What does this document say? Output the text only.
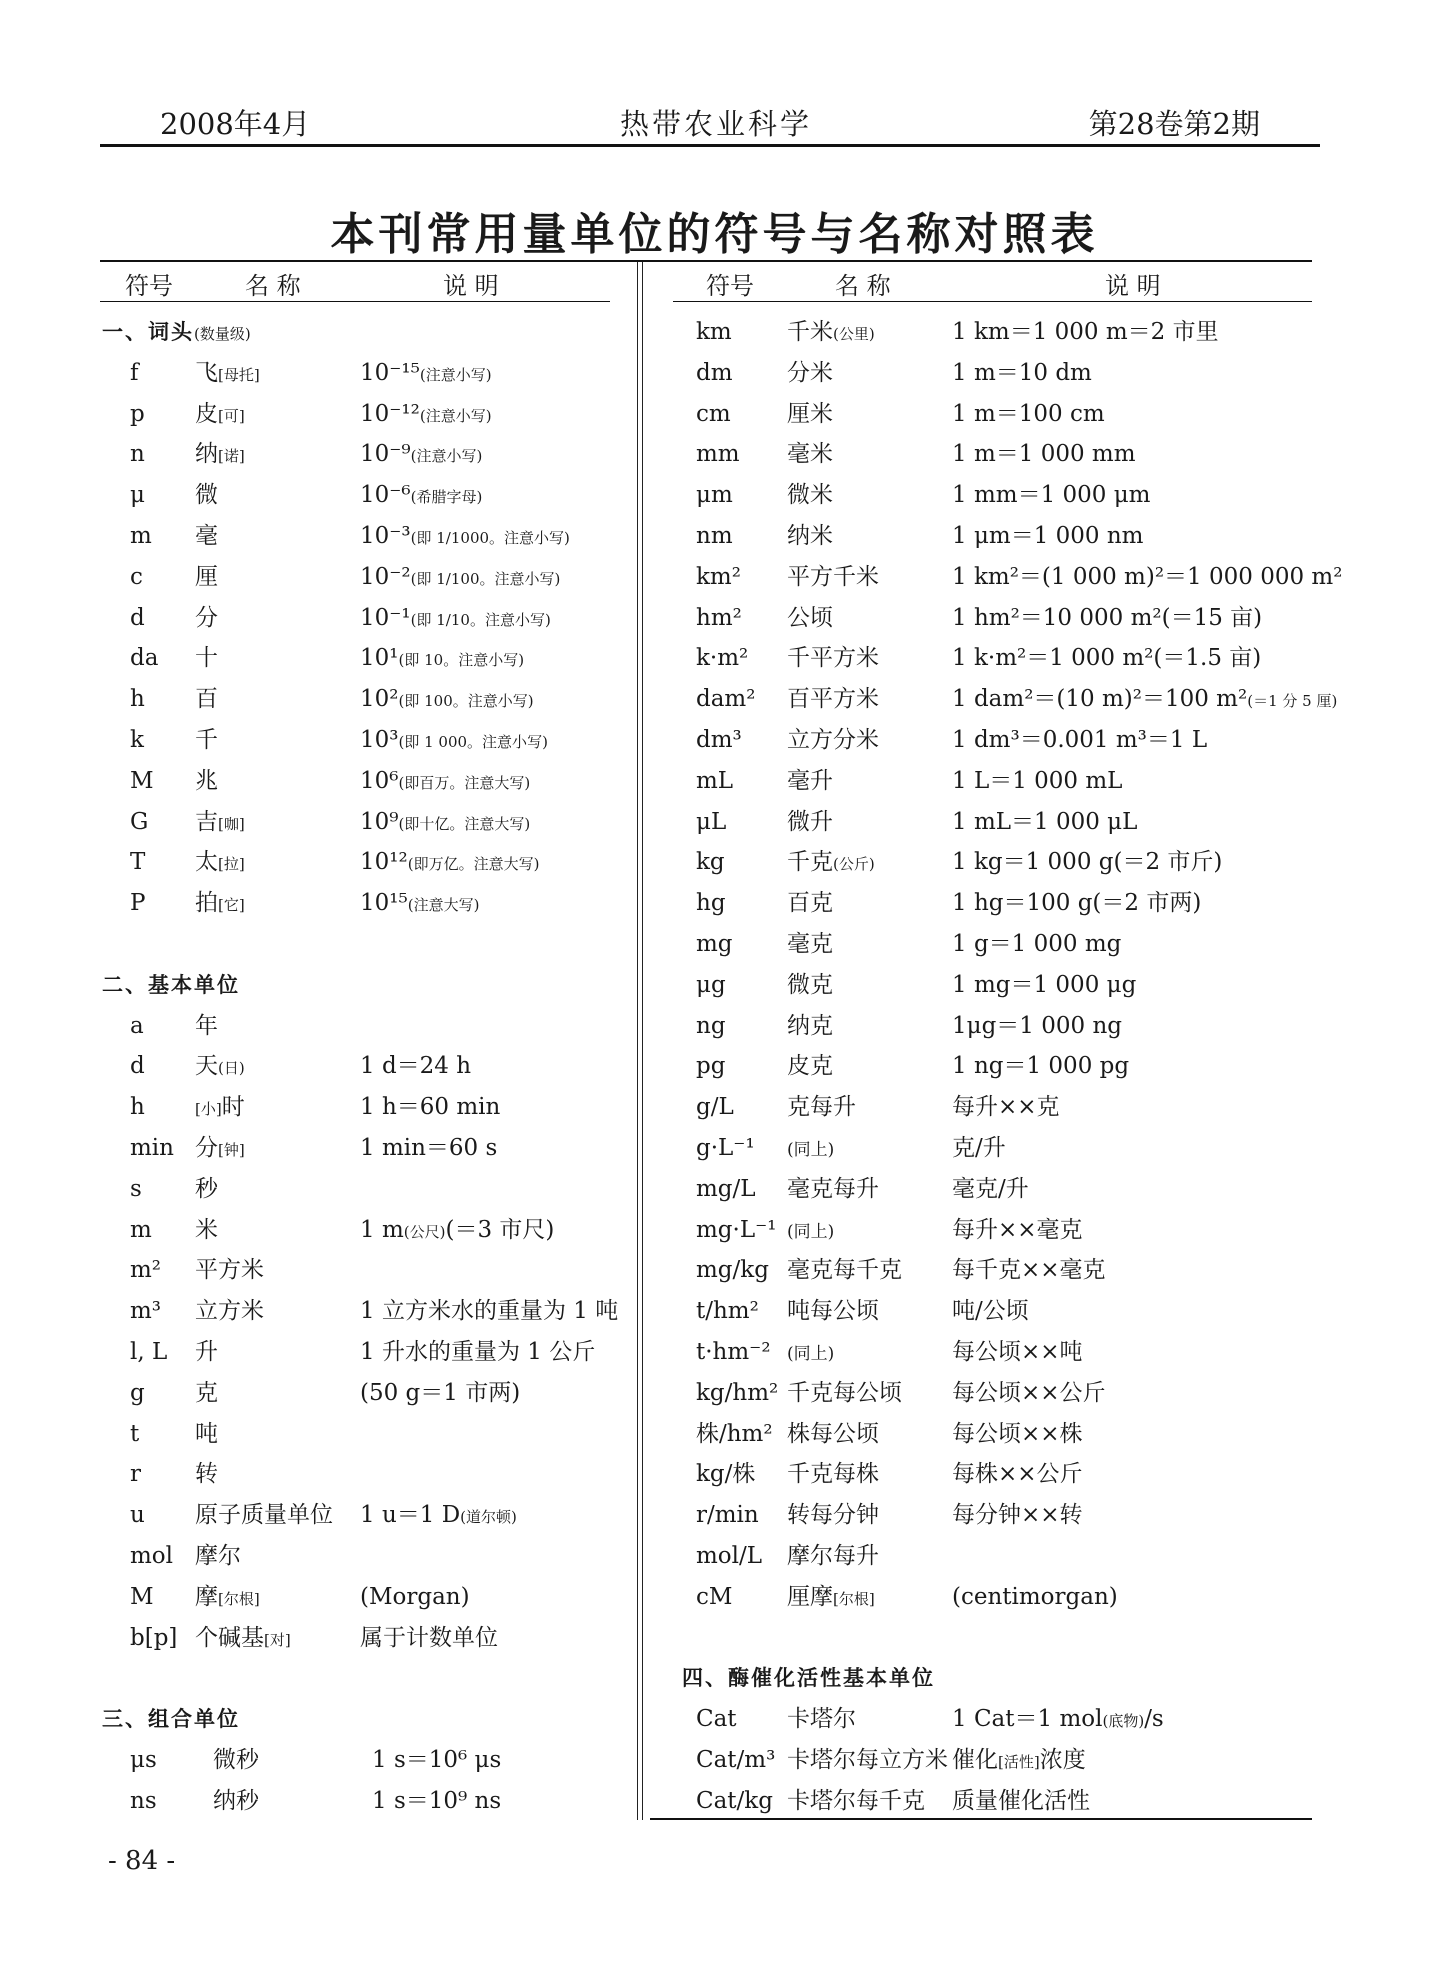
2008年4月	热带农业科学	第28卷第2期
本刊常用量单位的符号与名称对照表
符号	名 称	说 明	符号	名 称	说 明
一、词头(数量级)
f 飞[母托]	10⁻¹⁵(注意小写)
p 皮[可]	10⁻¹²(注意小写)
n 纳[诺]	10⁻⁹(注意小写)
μ 微	10⁻⁶(希腊字母)
m 毫	10⁻³(即 1/1000。注意小写)
c 厘	10⁻²(即 1/100。注意小写)
d 分	10⁻¹(即 1/10。注意小写)
da 十	10¹(即 10。注意小写)
h 百	10²(即 100。注意小写)
k 千	10³(即 1 000。注意小写)
M 兆	10⁶(即百万。注意大写)
G 吉[咖]	10⁹(即十亿。注意大写)
T 太[拉]	10¹²(即万亿。注意大写)
P 拍[它]	10¹⁵(注意大写)
二、基本单位
a 年
d 天(日)	1 d＝24 h
h	[小]时	1 h＝60 min
min 分[钟]	1 min＝60 s
s 秒
m 米	1 m(公尺)(＝3 市尺)
m² 平方米
m³ 立方米	1 立方米水的重量为 1 吨
l, L 升	1 升水的重量为 1 公斤
g 克	(50 g＝1 市两)
t 吨
r 转
u 原子质量单位 1 u＝1 D(道尔顿)
mol 摩尔
M 摩[尔根]	(Morgan)
b[p] 个碱基[对]	属于计数单位
三、组合单位
μs 微秒	1 s＝10⁶ μs
ns 纳秒	1 s＝10⁹ ns
km 千米(公里)	1 km＝1 000 m＝2 市里
dm 分米	1 m＝10 dm
cm 厘米	1 m＝100 cm
mm 毫米	1 m＝1 000 mm
μm 微米	1 mm＝1 000 μm
nm 纳米	1 μm＝1 000 nm
km² 平方千米	1 km²＝(1 000 m)²＝1 000 000 m²
hm² 公顷	1 hm²＝10 000 m²(＝15 亩)
k·m² 千平方米	1 k·m²＝1 000 m²(＝1.5 亩)
dam² 百平方米	1 dam²＝(10 m)²＝100 m²(＝1 分 5 厘)
dm³ 立方分米	1 dm³＝0.001 m³＝1 L
mL 毫升	1 L＝1 000 mL
μL	微升	1 mL＝1 000 μL
kg	千克(公斤)	1 kg＝1 000 g(＝2 市斤)
hg	百克	1 hg＝100 g(＝2 市两)
mg 毫克	1 g＝1 000 mg
μg	微克	1 mg＝1 000 μg
ng	纳克	1μg＝1 000 ng
pg	皮克	1 ng＝1 000 pg
g/L 克每升	每升××克
g·L⁻¹ (同上)	克/升
mg/L 毫克每升	毫克/升
mg·L⁻¹ (同上)	每升××毫克
mg/kg 毫克每千克 每千克××毫克
t/hm² 吨每公顷	吨/公顷
t·hm⁻² (同上)	每公顷××吨
kg/hm² 千克每公顷 每公顷××公斤
株/hm² 株每公顷	每公顷××株
kg/株 千克每株	每株××公斤
r/min 转每分钟	每分钟××转
mol/L 摩尔每升
cM 厘摩[尔根]	(centimorgan)
四、酶催化活性基本单位
Cat 卡塔尔	1 Cat＝1 mol(底物)/s
Cat/m³ 卡塔尔每立方米 催化[活性]浓度
Cat/kg 卡塔尔每千克 质量催化活性
- 84 -
